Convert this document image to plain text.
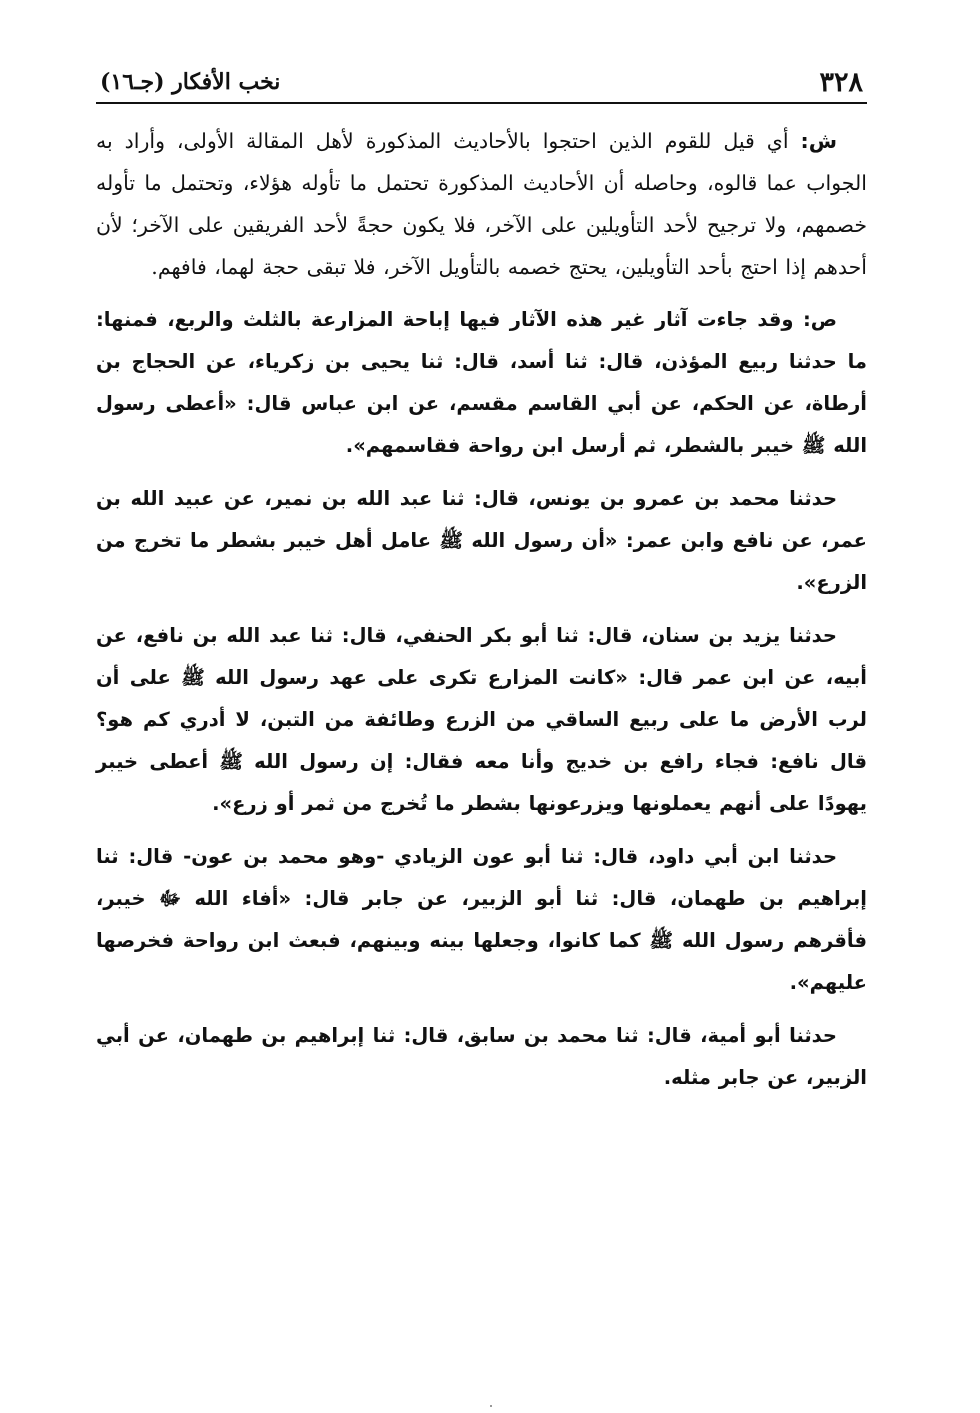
٣٢٨
نخب الأفكار (جـ١٦)

ش: أي قيل للقوم الذين احتجوا بالأحاديث المذكورة لأهل المقالة الأولى، وأراد به الجواب عما قالوه، وحاصله أن الأحاديث المذكورة تحتمل ما تأوله هؤلاء، وتحتمل ما تأوله خصمهم، ولا ترجيح لأحد التأويلين على الآخر، فلا يكون حجةً لأحد الفريقين على الآخر؛ لأن أحدهم إذا احتج بأحد التأويلين، يحتج خصمه بالتأويل الآخر، فلا تبقى حجة لهما، فافهم.

ص: وقد جاءت آثار غير هذه الآثار فيها إباحة المزارعة بالثلث والربع، فمنها: ما حدثنا ربيع المؤذن، قال: ثنا أسد، قال: ثنا يحيى بن زكرياء، عن الحجاج بن أرطاة، عن الحكم، عن أبي القاسم مقسم، عن ابن عباس قال: «أعطى رسول الله ﷺ خيبر بالشطر، ثم أرسل ابن رواحة فقاسمهم».

حدثنا محمد بن عمرو بن يونس، قال: ثنا عبد الله بن نمير، عن عبيد الله بن عمر، عن نافع وابن عمر: «أن رسول الله ﷺ عامل أهل خيبر بشطر ما تخرج من الزرع».

حدثنا يزيد بن سنان، قال: ثنا أبو بكر الحنفي، قال: ثنا عبد الله بن نافع، عن أبيه، عن ابن عمر قال: «كانت المزارع تكرى على عهد رسول الله ﷺ على أن لرب الأرض ما على ربيع الساقي من الزرع وطائفة من التبن، لا أدري كم هو؟ قال نافع: فجاء رافع بن خديج وأنا معه فقال: إن رسول الله ﷺ أعطى خيبر يهودًا على أنهم يعملونها ويزرعونها بشطر ما تُخرج من ثمر أو زرع».

حدثنا ابن أبي داود، قال: ثنا أبو عون الزيادي -وهو محمد بن عون- قال: ثنا إبراهيم بن طهمان، قال: ثنا أبو الزبير، عن جابر قال: «أفاء الله ﷻ خيبر، فأقرهم رسول الله ﷺ كما كانوا، وجعلها بينه وبينهم، فبعث ابن رواحة فخرصها عليهم».

حدثنا أبو أمية، قال: ثنا محمد بن سابق، قال: ثنا إبراهيم بن طهمان، عن أبي الزبير، عن جابر مثله.
